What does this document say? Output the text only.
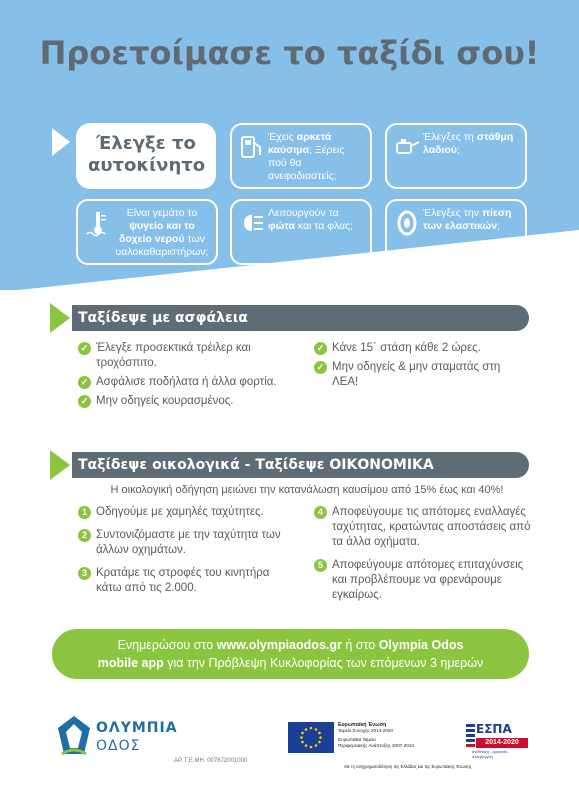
Προετοίμασε το ταξίδι σου!
Έλεγξε το
αυτοκίνητο
Έχεις αρκετά καύσιμα; Ξέρεις πού θα ανεφοδιαστείς;
Έλεγξες τη στάθμη λαδιού;
Είναι γεμάτο το ψυγείο και το δοχείο νερού των υαλοκαθαριστήρων;
Λειτουργούν τα φώτα και τα φλας;
Έλεγξες την πίεση των ελαστικών;
Ταξίδεψε με ασφάλεια
✓ Έλεγξε προσεκτικά τρέιλερ και τροχόσπιτο.
✓ Ασφάλισε ποδήλατα ή άλλα φορτία.
✓ Μην οδηγείς κουρασμένος.
✓ Κάνε 15΄ στάση κάθε 2 ώρες.
✓ Μην οδηγείς & μην σταματάς στη ΛΕΑ!
Ταξίδεψε οικολογικά - Ταξίδεψε ΟΙΚΟΝΟΜΙΚΑ
Η οικολογική οδήγηση μειώνει την κατανάλωση καυσίμου από 15% έως και 40%!
1 Οδηγούμε με χαμηλές ταχύτητες.
2 Συντονιζόμαστε με την ταχύτητα των άλλων οχημάτων.
3 Κρατάμε τις στροφές του κινητήρα κάτω από τις 2.000.
4 Αποφεύγουμε τις απότομες εναλλαγές ταχύτητας, κρατώντας αποστάσεις από τα άλλα οχήματα.
5 Αποφεύγουμε απότομες επιταχύνσεις και προβλέπουμε να φρενάρουμε εγκαίρως.
Ενημερώσου στο www.olympiaodos.gr ή στο Olympia Odos
mobile app για την Πρόβλεψη Κυκλοφορίας των επόμενων 3 ημερών
ΟΛΥΜΠΙΑ
ΟΔΟΣ
ΑΡ. Γ.Ε.ΜΗ. 007672001000
Ευρωπαϊκή Ένωση
Ταμείο Συνοχής 2014-2020
Ευρωπαϊκό Ταμείο
Περιφερειακής Ανάπτυξης 2007-2013
ΕΣΠΑ
2014-2020
ανάπτυξη - εργασία - αλληλεγγύη
Με τη συγχρηματοδότηση της Ελλάδας και της Ευρωπαϊκής Ένωσης
